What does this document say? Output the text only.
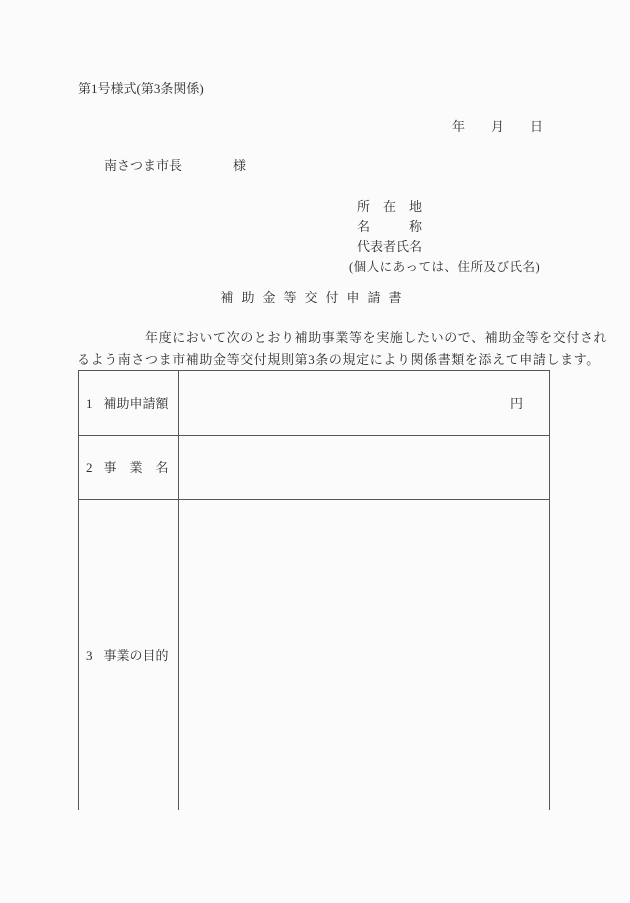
第1号様式(第3条関係)
年　　月　　日
南さつま市長	様
所　在　地
名　　　称
代表者氏名
(個人にあっては、住所及び氏名)
補助金等交付申請書
年度において次のとおり補助事業等を実施したいので、補助金等を交付され
るよう南さつま市補助金等交付規則第3条の規定により関係書類を添えて申請します。
1 補助申請額	円
2 事　業　名
3 事業の目的
